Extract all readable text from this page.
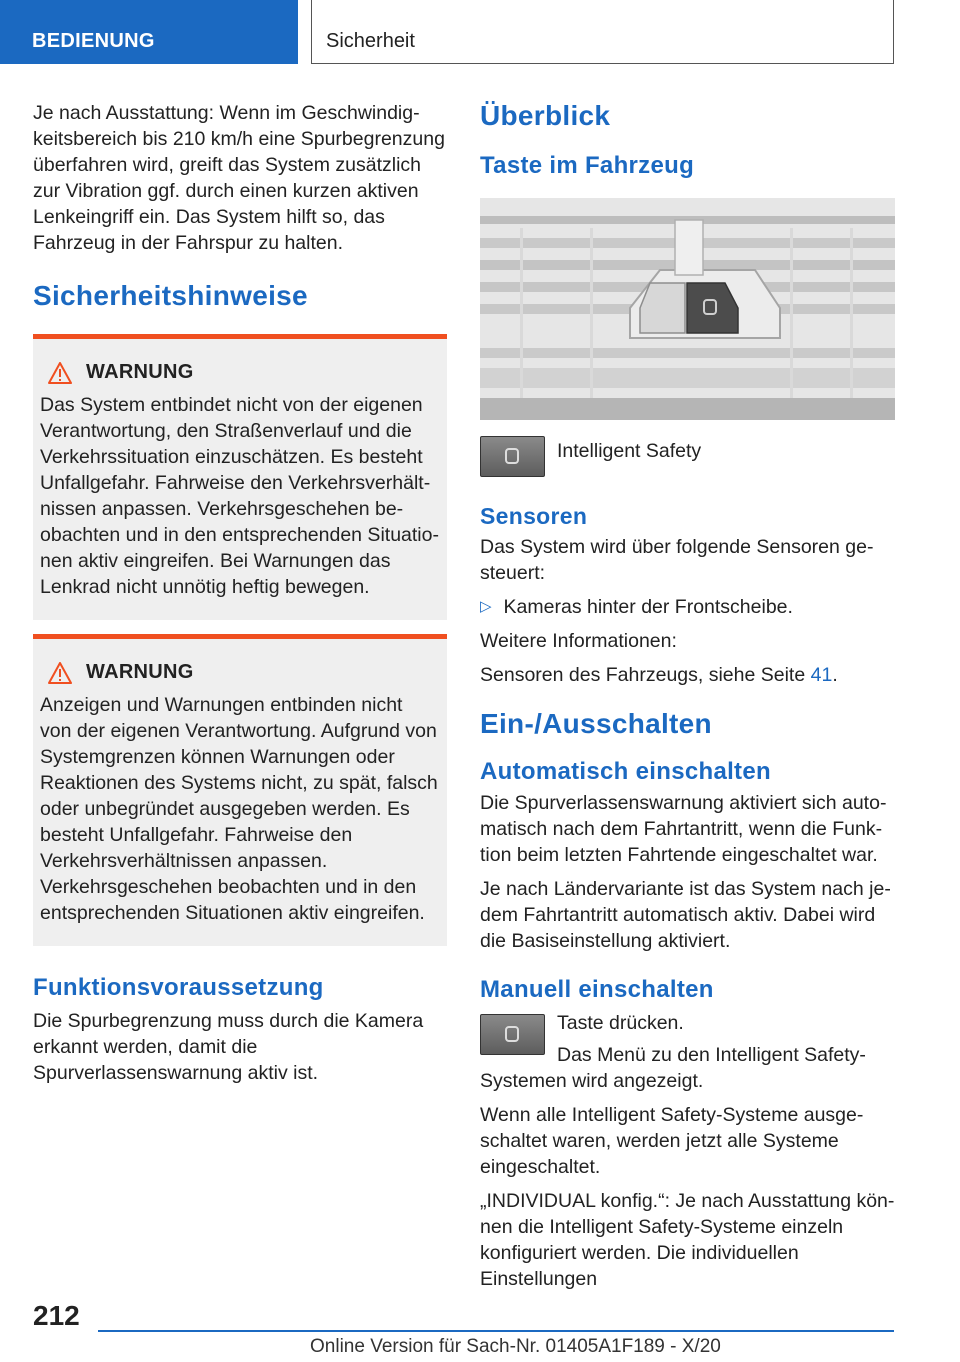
BEDIENUNG	Sicherheit

Je nach Ausstattung: Wenn im Geschwindigkeitsbereich bis 210 km/h eine Spurbegrenzung überfahren wird, greift das System zusätzlich zur Vibration ggf. durch einen kurzen aktiven Lenkeingriff ein. Das System hilft so, das Fahrzeug in der Fahrspur zu halten.

Sicherheitshinweise
WARNUNG

Das System entbindet nicht von der eigenen Verantwortung, den Straßenverlauf und die Verkehrssituation einzuschätzen. Es besteht Unfallgefahr. Fahrweise den Verkehrsverhältnissen anpassen. Verkehrsgeschehen beobachten und in den entsprechenden Situationen aktiv eingreifen. Bei Warnungen das Lenkrad nicht unnötig heftig bewegen.

WARNUNG

Anzeigen und Warnungen entbinden nicht von der eigenen Verantwortung. Aufgrund von Systemgrenzen können Warnungen oder Reaktionen des Systems nicht, zu spät, falsch oder unbegründet ausgegeben werden. Es besteht Unfallgefahr. Fahrweise den Verkehrsverhältnissen anpassen. Verkehrsgeschehen beobachten und in den entsprechenden Situationen aktiv eingreifen.

Funktionsvoraussetzung

Die Spurbegrenzung muss durch die Kamera erkannt werden, damit die Spurverlassenswarnung aktiv ist.

Überblick
Taste im Fahrzeug

Intelligent Safety

Sensoren

Das System wird über folgende Sensoren gesteuert:

▷ Kameras hinter der Frontscheibe.

Weitere Informationen:

Sensoren des Fahrzeugs, siehe Seite 41.

Ein-/Ausschalten
Automatisch einschalten

Die Spurverlassenswarnung aktiviert sich automatisch nach dem Fahrtantritt, wenn die Funktion beim letzten Fahrtende eingeschaltet war.

Je nach Ländervariante ist das System nach jedem Fahrtantritt automatisch aktiv. Dabei wird die Basiseinstellung aktiviert.

Manuell einschalten

Taste drücken.

Das Menü zu den Intelligent Safety-

Systemen wird angezeigt.

Wenn alle Intelligent Safety-Systeme ausgeschaltet waren, werden jetzt alle Systeme eingeschaltet.

„INDIVIDUAL konfig.“: Je nach Ausstattung können die Intelligent Safety-Systeme einzeln konfiguriert werden. Die individuellen Einstellungen

212
Online Version für Sach-Nr. 01405A1F189 - X/20
